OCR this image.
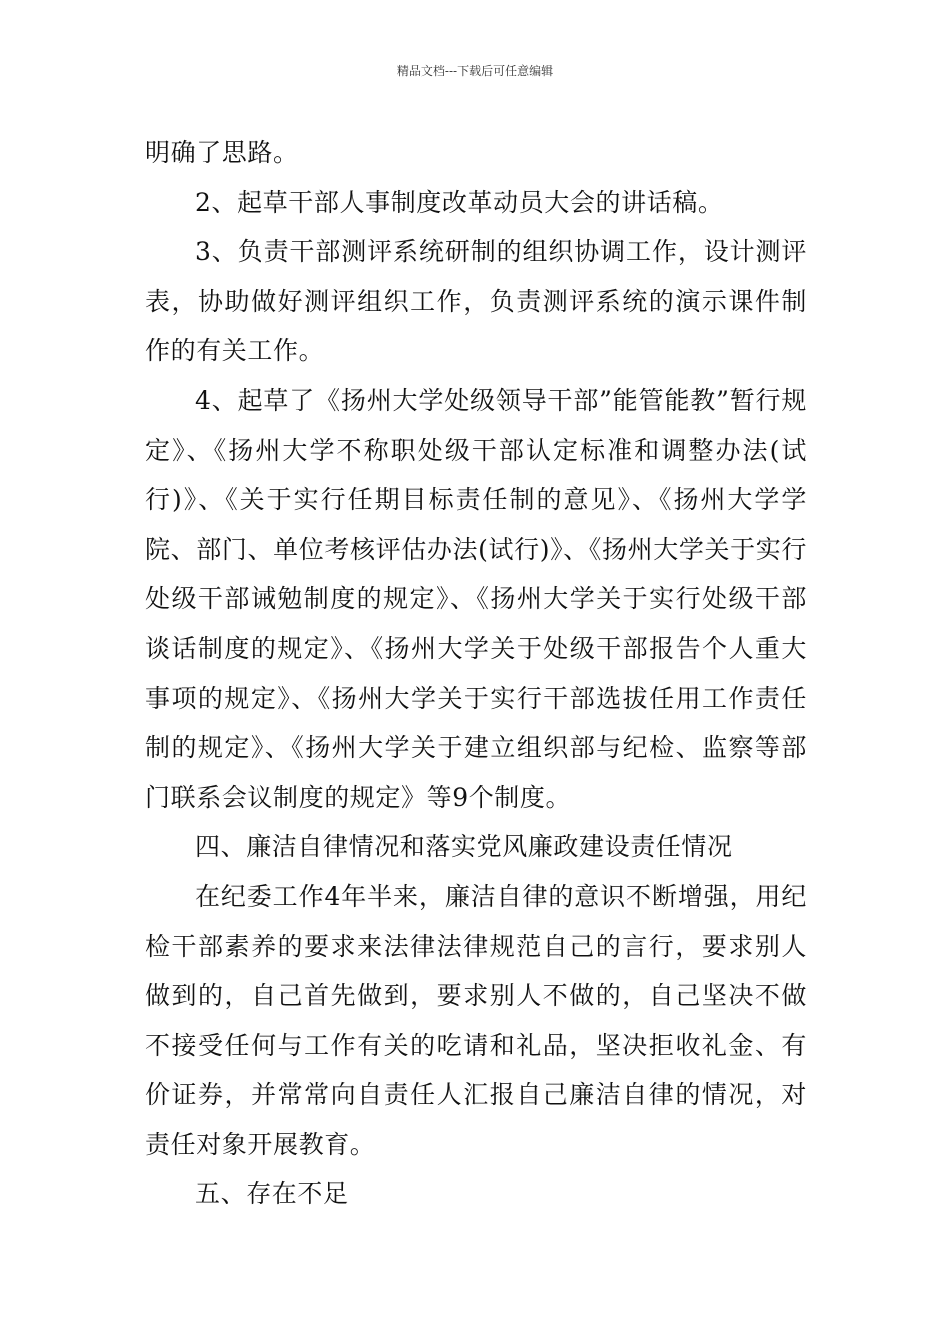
精品文档---下载后可任意编辑

明确了思路。

2、起草干部人事制度改革动员大会的讲话稿。

3、负责干部测评系统研制的组织协调工作，设计测评表，协助做好测评组织工作，负责测评系统的演示课件制作的有关工作。

4、起草了《扬州大学处级领导干部”能管能教”暂行规定》、《扬州大学不称职处级干部认定标准和调整办法(试行)》、《关于实行任期目标责任制的意见》、《扬州大学学院、部门、单位考核评估办法(试行)》、《扬州大学关于实行处级干部诫勉制度的规定》、《扬州大学关于实行处级干部谈话制度的规定》、《扬州大学关于处级干部报告个人重大事项的规定》、《扬州大学关于实行干部选拔任用工作责任制的规定》、《扬州大学关于建立组织部与纪检、监察等部门联系会议制度的规定》等9个制度。

四、廉洁自律情况和落实党风廉政建设责任情况

在纪委工作4年半来，廉洁自律的意识不断增强，用纪检干部素养的要求来法律法律规范自己的言行，要求别人做到的，自己首先做到，要求别人不做的，自己坚决不做不接受任何与工作有关的吃请和礼品，坚决拒收礼金、有价证券，并常常向自责任人汇报自己廉洁自律的情况，对责任对象开展教育。

五、存在不足
